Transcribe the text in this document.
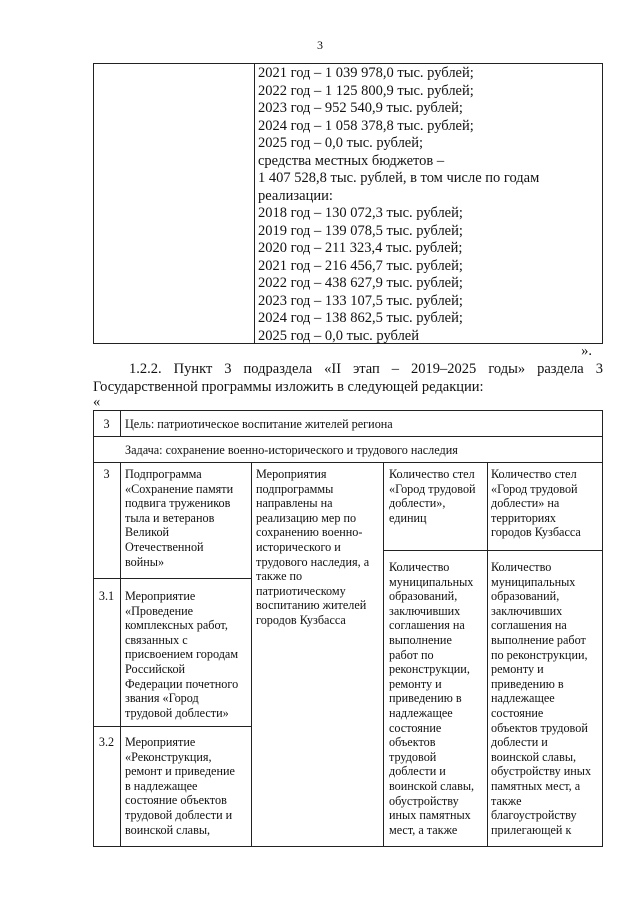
3
2021 год – 1 039 978,0 тыс. рублей;
2022 год – 1 125 800,9 тыс. рублей;
2023 год – 952 540,9 тыс. рублей;
2024 год – 1 058 378,8 тыс. рублей;
2025 год – 0,0 тыс. рублей;
средства местных бюджетов –
1 407 528,8 тыс. рублей, в том числе по годам
реализации:
2018 год – 130 072,3 тыс. рублей;
2019 год – 139 078,5 тыс. рублей;
2020 год – 211 323,4 тыс. рублей;
2021 год – 216 456,7 тыс. рублей;
2022 год – 438 627,9 тыс. рублей;
2023 год – 133 107,5 тыс. рублей;
2024 год – 138 862,5 тыс. рублей;
2025 год – 0,0 тыс. рублей
».

1.2.2. Пункт 3 подраздела «II этап – 2019–2025 годы» раздела 3

Государственной программы изложить в следующей редакции:

«
3	Цель: патриотическое воспитание жителей региона
Задача: сохранение военно-исторического и трудового наследия
3	Подпрограмма
«Сохранение памяти
подвига тружеников
тыла и ветеранов
Великой
Отечественной
войны»
Мероприятия
подпрограммы
направлены на
реализацию мер по
сохранению военно-
исторического и
трудового наследия, а
также по
патриотическому
воспитанию жителей
городов Кузбасса
Количество стел
«Город трудовой
доблести»,
единиц
Количество стел
«Город трудовой
доблести» на
территориях
городов Кузбасса
Количество
муниципальных
образований,
заключивших
соглашения на
выполнение
работ по
реконструкции,
ремонту и
приведению в
надлежащее
состояние
объектов
трудовой
доблести и
воинской славы,
обустройству
иных памятных
мест, а также
Количество
муниципальных
образований,
заключивших
соглашения на
выполнение работ
по реконструкции,
ремонту и
приведению в
надлежащее
состояние
объектов трудовой
доблести и
воинской славы,
обустройству иных
памятных мест, а
также
благоустройству
прилегающей к
3.1 Мероприятие
«Проведение
комплексных работ,
связанных с
присвоением городам
Российской
Федерации почетного
звания «Город
трудовой доблести»
3.2 Мероприятие
«Реконструкция,
ремонт и приведение
в надлежащее
состояние объектов
трудовой доблести и
воинской славы,
